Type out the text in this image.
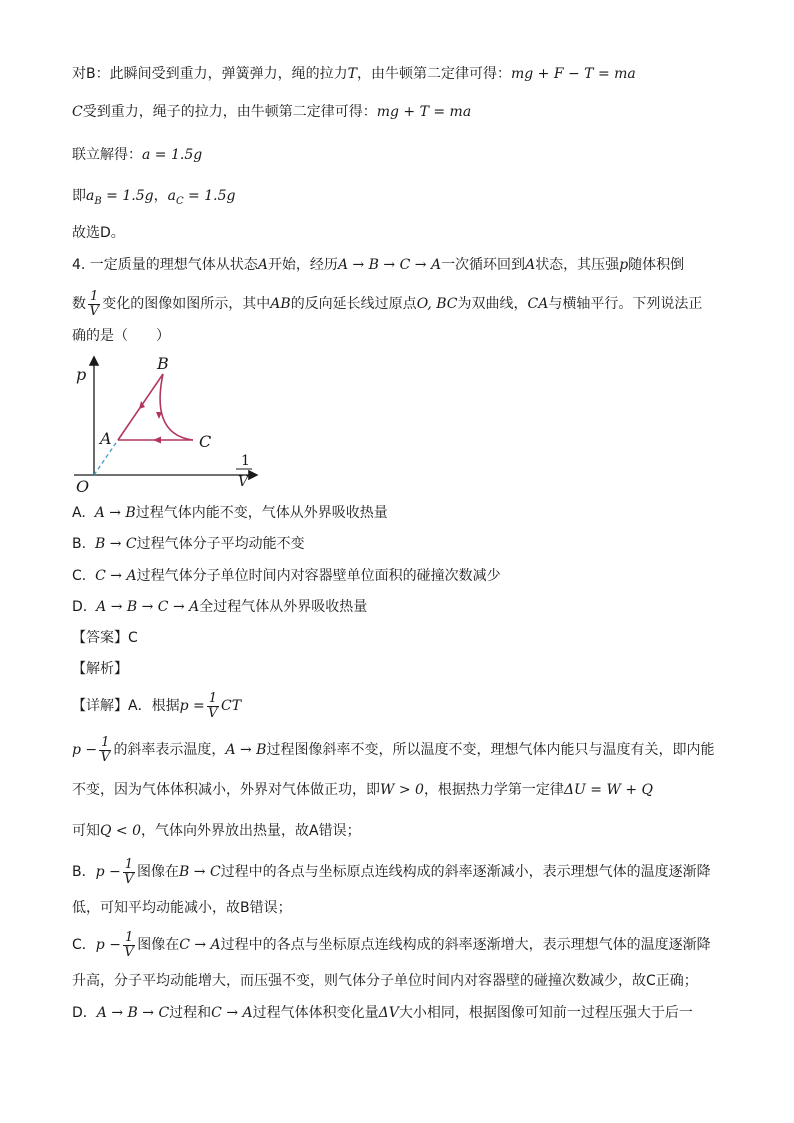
对B：此瞬间受到重力，弹簧弹力，绳的拉力T，由牛顿第二定律可得：mg + F − T = ma
C受到重力，绳子的拉力，由牛顿第二定律可得：mg + T = ma
联立解得：a = 1.5g
即$a_B = 1.5g$，$a_C = 1.5g$
故选D。
4. 一定质量的理想气体从状态A开始，经历A → B → C → A一次循环回到A状态，其压强p随体积倒
数 $\frac{1}{V}$ 变化的图像如图所示，其中AB的反向延长线过原点O, BC为双曲线，CA与横轴平行。下列说法正
确的是（　　）
p
B
A	C
O
1
V
A. A → B过程气体内能不变，气体从外界吸收热量
B. B → C过程气体分子平均动能不变
C. C → A过程气体分子单位时间内对容器壁单位面积的碰撞次数减少
D. A → B → C → A全过程气体从外界吸收热量
【答案】C
【解析】
【详解】A．根据$p = \frac{1}{V}$ CT
$p - \frac{1}{V}$ 的斜率表示温度，A → B过程图像斜率不变，所以温度不变，理想气体内能只与温度有关，即内能
不变，因为气体体积减小，外界对气体做正功，即W > 0，根据热力学第一定律ΔU = W + Q
可知Q < 0，气体向外界放出热量，故A错误；
B．$p - \frac{1}{V}$ 图像在B → C过程中的各点与坐标原点连线构成的斜率逐渐减小，表示理想气体的温度逐渐降
低，可知平均动能减小，故B错误；
C．$p - \frac{1}{V}$ 图像在C → A过程中的各点与坐标原点连线构成的斜率逐渐增大，表示理想气体的温度逐渐降
升高，分子平均动能增大，而压强不变，则气体分子单位时间内对容器壁的碰撞次数减少，故C正确；
D．A → B → C过程和C → A过程气体体积变化量ΔV大小相同，根据图像可知前一过程压强大于后一
